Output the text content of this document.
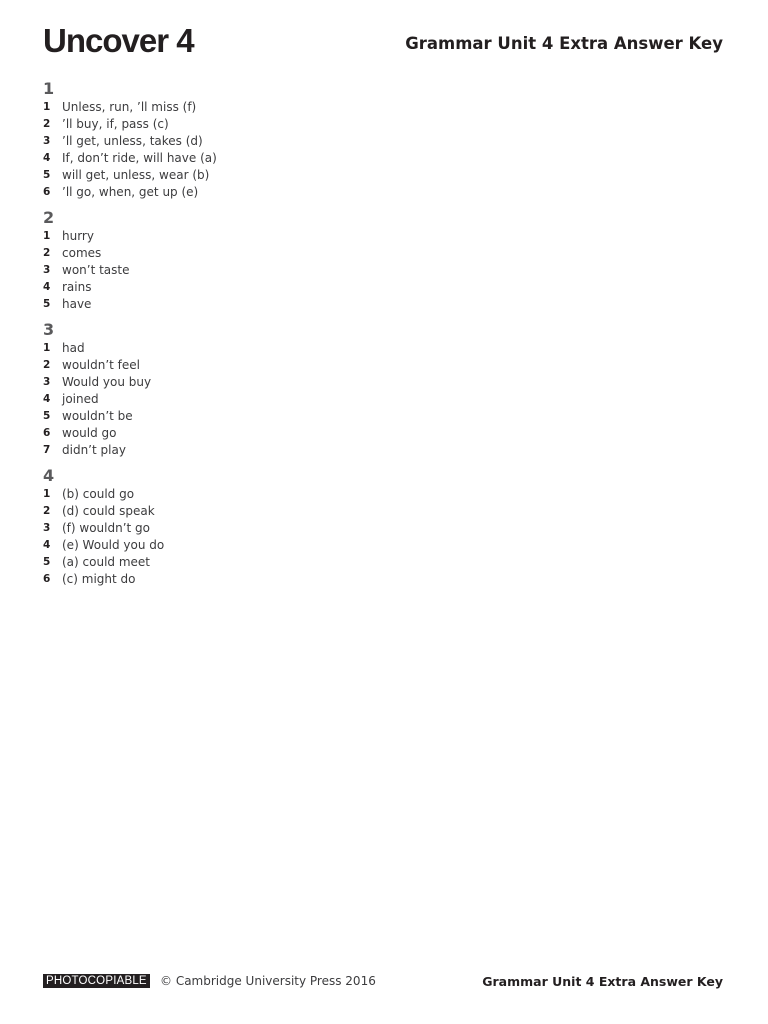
Uncover 4	Grammar Unit 4 Extra Answer Key
1
1 Unless, run, ’ll miss (f)
2 ’ll buy, if, pass (c)
3 ’ll get, unless, takes (d)
4 If, don’t ride, will have (a)
5 will get, unless, wear (b)
6 ’ll go, when, get up (e)
2
1 hurry
2 comes
3 won’t taste
4 rains
5 have
3
1 had
2 wouldn’t feel
3 Would you buy
4 joined
5 wouldn’t be
6 would go
7 didn’t play
4
1 (b) could go
2 (d) could speak
3 (f) wouldn’t go
4 (e) Would you do
5 (a) could meet
6 (c) might do
PHOTOCOPIABLE © Cambridge University Press 2016	Grammar Unit 4 Extra Answer Key
